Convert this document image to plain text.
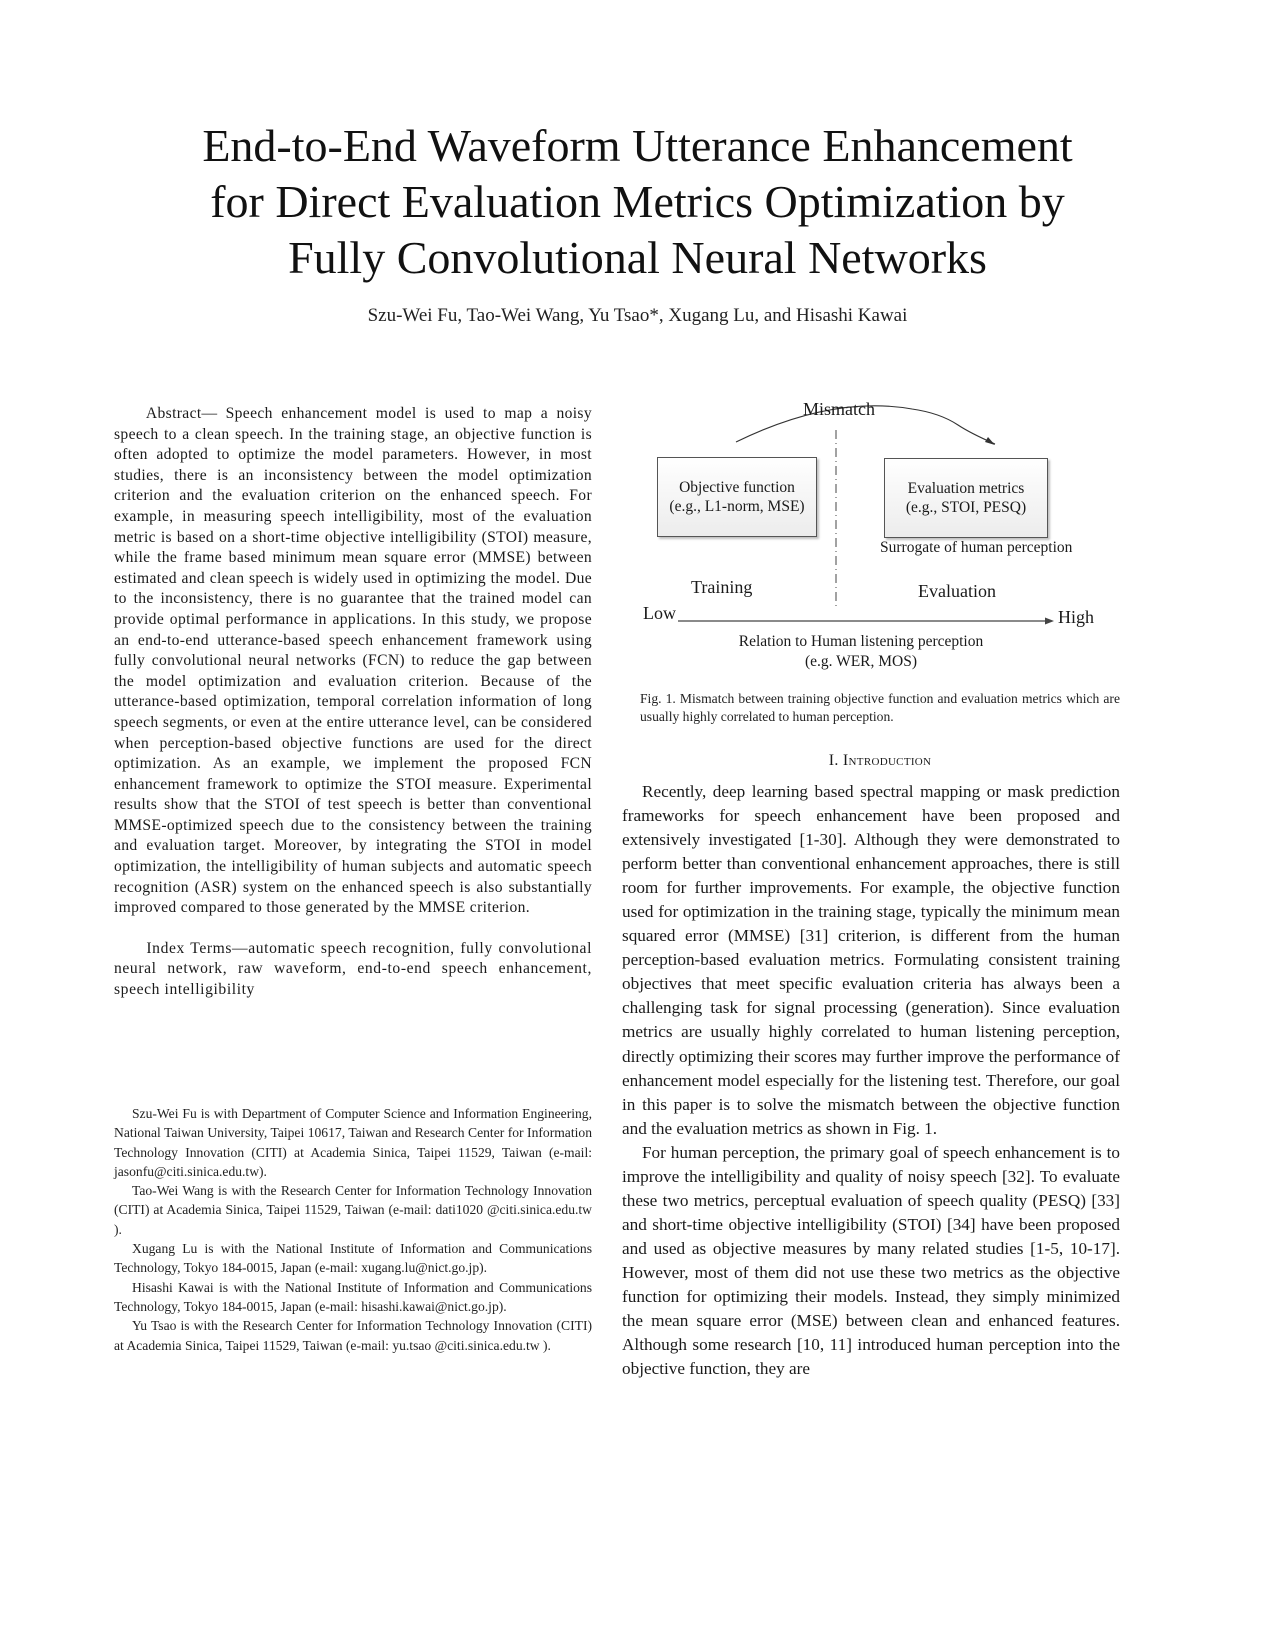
End-to-End Waveform Utterance Enhancement
for Direct Evaluation Metrics Optimization by
Fully Convolutional Neural Networks
Szu-Wei Fu, Tao-Wei Wang, Yu Tsao*, Xugang Lu, and Hisashi Kawai

  Abstract—  Speech enhancement model is used to map a noisy speech to a clean speech. In the training stage, an objective function is often adopted to optimize the model parameters. However, in most studies, there is an inconsistency between the model optimization criterion and the evaluation criterion on the enhanced speech. For example, in measuring speech intelligibility, most of the evaluation metric is based on a short-time objective intelligibility (STOI) measure, while the frame based minimum mean square error (MMSE) between estimated and clean speech is widely used in optimizing the model. Due to the inconsistency, there is no guarantee that the trained model can provide optimal performance in applications. In this study, we propose an end-to-end utterance-based speech enhancement framework using fully convolutional neural networks (FCN) to reduce the gap between the model optimization and evaluation criterion. Because of the utterance-based optimization, temporal correlation information of long speech segments, or even at the entire utterance level, can be considered when perception-based objective functions are used for the direct optimization. As an example, we implement the proposed FCN enhancement framework to optimize the STOI measure. Experimental results show that the STOI of test speech is better than conventional MMSE-optimized speech due to the consistency between the training and evaluation target. Moreover, by integrating the STOI in model optimization, the intelligibility of human subjects and automatic speech recognition (ASR) system on the enhanced speech is also substantially improved compared to those generated by the MMSE criterion.

  Index Terms—automatic speech recognition, fully convolutional neural network, raw waveform, end-to-end speech enhancement, speech intelligibility

Szu-Wei Fu is with Department of Computer Science and Information Engineering, National Taiwan University, Taipei 10617, Taiwan and Research Center for Information Technology Innovation (CITI) at Academia Sinica, Taipei 11529, Taiwan (e-mail: jasonfu@citi.sinica.edu.tw).

Tao-Wei Wang is with the Research Center for Information Technology Innovation (CITI) at Academia Sinica, Taipei 11529, Taiwan (e-mail: dati1020 @citi.sinica.edu.tw ).

Xugang Lu is with the National Institute of Information and Communications Technology, Tokyo 184-0015, Japan (e-mail: xugang.lu@nict.go.jp).

Hisashi Kawai is with the National Institute of Information and Communications Technology, Tokyo 184-0015, Japan (e-mail: hisashi.kawai@nict.go.jp).

Yu Tsao is with the Research Center for Information Technology Innovation (CITI) at Academia Sinica, Taipei 11529, Taiwan (e-mail: yu.tsao @citi.sinica.edu.tw ).

Mismatch
Objective function
(e.g., L1-norm, MSE)
Evaluation metrics
(e.g., STOI, PESQ)
Surrogate of human perception
Training	Evaluation
Low	High
Relation to Human listening perception
(e.g. WER, MOS)
Fig. 1. Mismatch between training objective function and evaluation metrics which are usually highly correlated to human perception.
I. Introduction

Recently, deep learning based spectral mapping or mask prediction frameworks for speech enhancement have been proposed and extensively investigated [1-30]. Although they were demonstrated to perform better than conventional enhancement approaches, there is still room for further improvements. For example, the objective function used for optimization in the training stage, typically the minimum mean squared error (MMSE) [31] criterion, is different from the human perception-based evaluation metrics. Formulating consistent training objectives that meet specific evaluation criteria has always been a challenging task for signal processing (generation). Since evaluation metrics are usually highly correlated to human listening perception, directly optimizing their scores may further improve the performance of enhancement model especially for the listening test. Therefore, our goal in this paper is to solve the mismatch between the objective function and the evaluation metrics as shown in Fig. 1.

For human perception, the primary goal of speech enhancement is to improve the intelligibility and quality of noisy speech [32]. To evaluate these two metrics, perceptual evaluation of speech quality (PESQ) [33] and short-time objective intelligibility (STOI) [34] have been proposed and used as objective measures by many related studies [1-5, 10-17]. However, most of them did not use these two metrics as the objective function for optimizing their models. Instead, they simply minimized the mean square error (MSE) between clean and enhanced features. Although some research [10, 11] introduced human perception into the objective function, they are
